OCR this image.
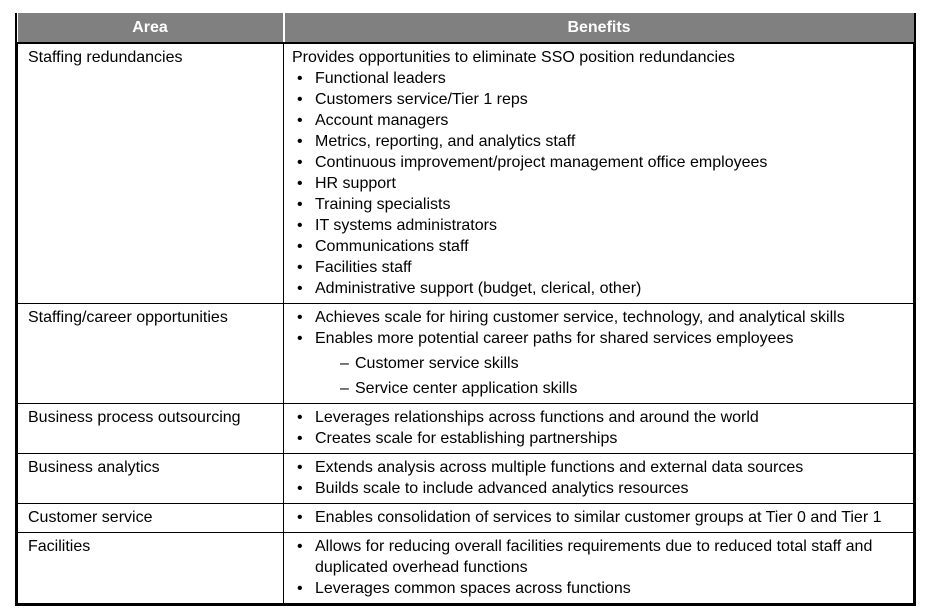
Area	Benefits
Staffing redundancies	Provides opportunities to eliminate SSO position redundancies
• Functional leaders
• Customers service/Tier 1 reps
• Account managers
• Metrics, reporting, and analytics staff
• Continuous improvement/project management office employees
• HR support
• Training specialists
• IT systems administrators
• Communications staff
• Facilities staff
• Administrative support (budget, clerical, other)

Staffing/career opportunities	
•Achieves scale for hiring customer service, technology, and analytical skills
• Enables more potential career paths for shared services employees
– Customer service skills
– Service center application skills

Business process outsourcing	
•Leverages relationships across functions and around the world
• Creates scale for establishing partnerships

Business analytics	
•Extends analysis across multiple functions and external data sources
• Builds scale to include advanced analytics resources

Customer service	
•Enables consolidation of services to similar customer groups at Tier 0 and Tier 1

Facilities	
•Allows for reducing overall facilities requirements due to reduced total staff and duplicated overhead functions
• Leverages common spaces across functions
